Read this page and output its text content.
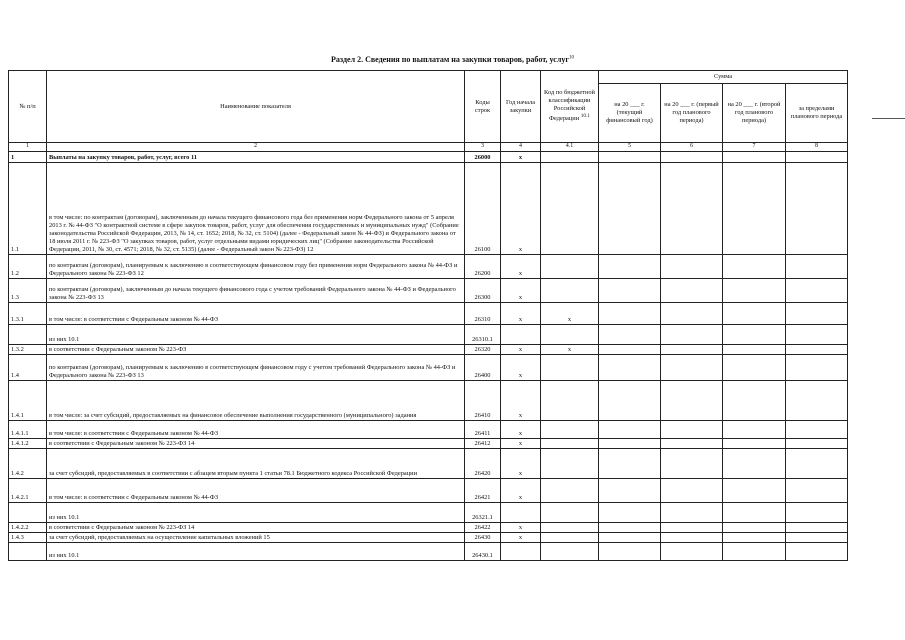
Раздел 2. Сведения по выплатам на закупки товаров, работ, услуг$^{10}$
№ п/п	Наименование показателя	Коды строк	Год начала закупки	Код по бюджетной классификации Российской Федерации $^{10.1}$	Сумма			
					на 20 ___ г. (текущий финансовый год)	на 20 ___ г. (первый год планового периода)	на 20 ___ г. (второй год планового периода)	за пределами планового периода
1	2	3	4	4.1	5	6	7	8
1	Выплаты на закупку товаров, работ, услуг, всего 11	26000	x					
1.1	в том числе: по контрактам (договорам), заключенным до начала текущего финансового года без применения норм Федерального закона от 5 апреля 2013 г. № 44-ФЗ "О контрактной системе в сфере закупок товаров, работ, услуг для обеспечения государственных и муниципальных нужд" (Собрание законодательства Российской Федерации, 2013, № 14, ст. 1652; 2018, № 32, ст. 5104) (далее - Федеральный закон № 44-ФЗ) и Федерального закона от 18 июля 2011 г. № 223-ФЗ "О закупках товаров, работ, услуг отдельными видами юридических лиц" (Собрание законодательства Российской Федерации, 2011, № 30, ст. 4571; 2018, № 32, ст. 5135) (далее - Федеральный закон № 223-ФЗ) 12	26100	x					
1.2	по контрактам (договорам), планируемым к заключению в соответствующем финансовом году без применения норм Федерального закона № 44-ФЗ и Федерального закона № 223-ФЗ 12	26200	x					
1.3	по контрактам (договорам), заключенным до начала текущего финансового года с учетом требований Федерального закона № 44-ФЗ и Федерального закона № 223-ФЗ 13	26300	x					
1.3.1	в том числе: в соответствии с Федеральным законом № 44-ФЗ	26310	x	x				
	из них 10.1	26310.1						
1.3.2	в соответствии с Федеральным законом № 223-ФЗ	26320	x	x				
1.4	по контрактам (договорам), планируемым к заключению в соответствующем финансовом году с учетом требований Федерального закона № 44-ФЗ и Федерального закона № 223-ФЗ 13	26400	x					
1.4.1	в том числе: за счет субсидий, предоставляемых на финансовое обеспечение выполнения государственного (муниципального) задания	26410	x					
1.4.1.1	в том числе: в соответствии с Федеральным законом № 44-ФЗ	26411	x					
1.4.1.2	в соответствии с Федеральным законом № 223-ФЗ 14	26412	x					
1.4.2	за счет субсидий, предоставляемых в соответствии с абзацем вторым пункта 1 статьи 78.1 Бюджетного кодекса Российской Федерации	26420	x					
1.4.2.1	в том числе: в соответствии с Федеральным законом № 44-ФЗ	26421	x					
	из них 10.1	26321.1						
1.4.2.2	в соответствии с Федеральным законом № 223-ФЗ 14	26422	x					
1.4.3	за счет субсидий, предоставляемых на осуществление капитальных вложений 15	26430	x					
	из них 10.1	26430.1						
